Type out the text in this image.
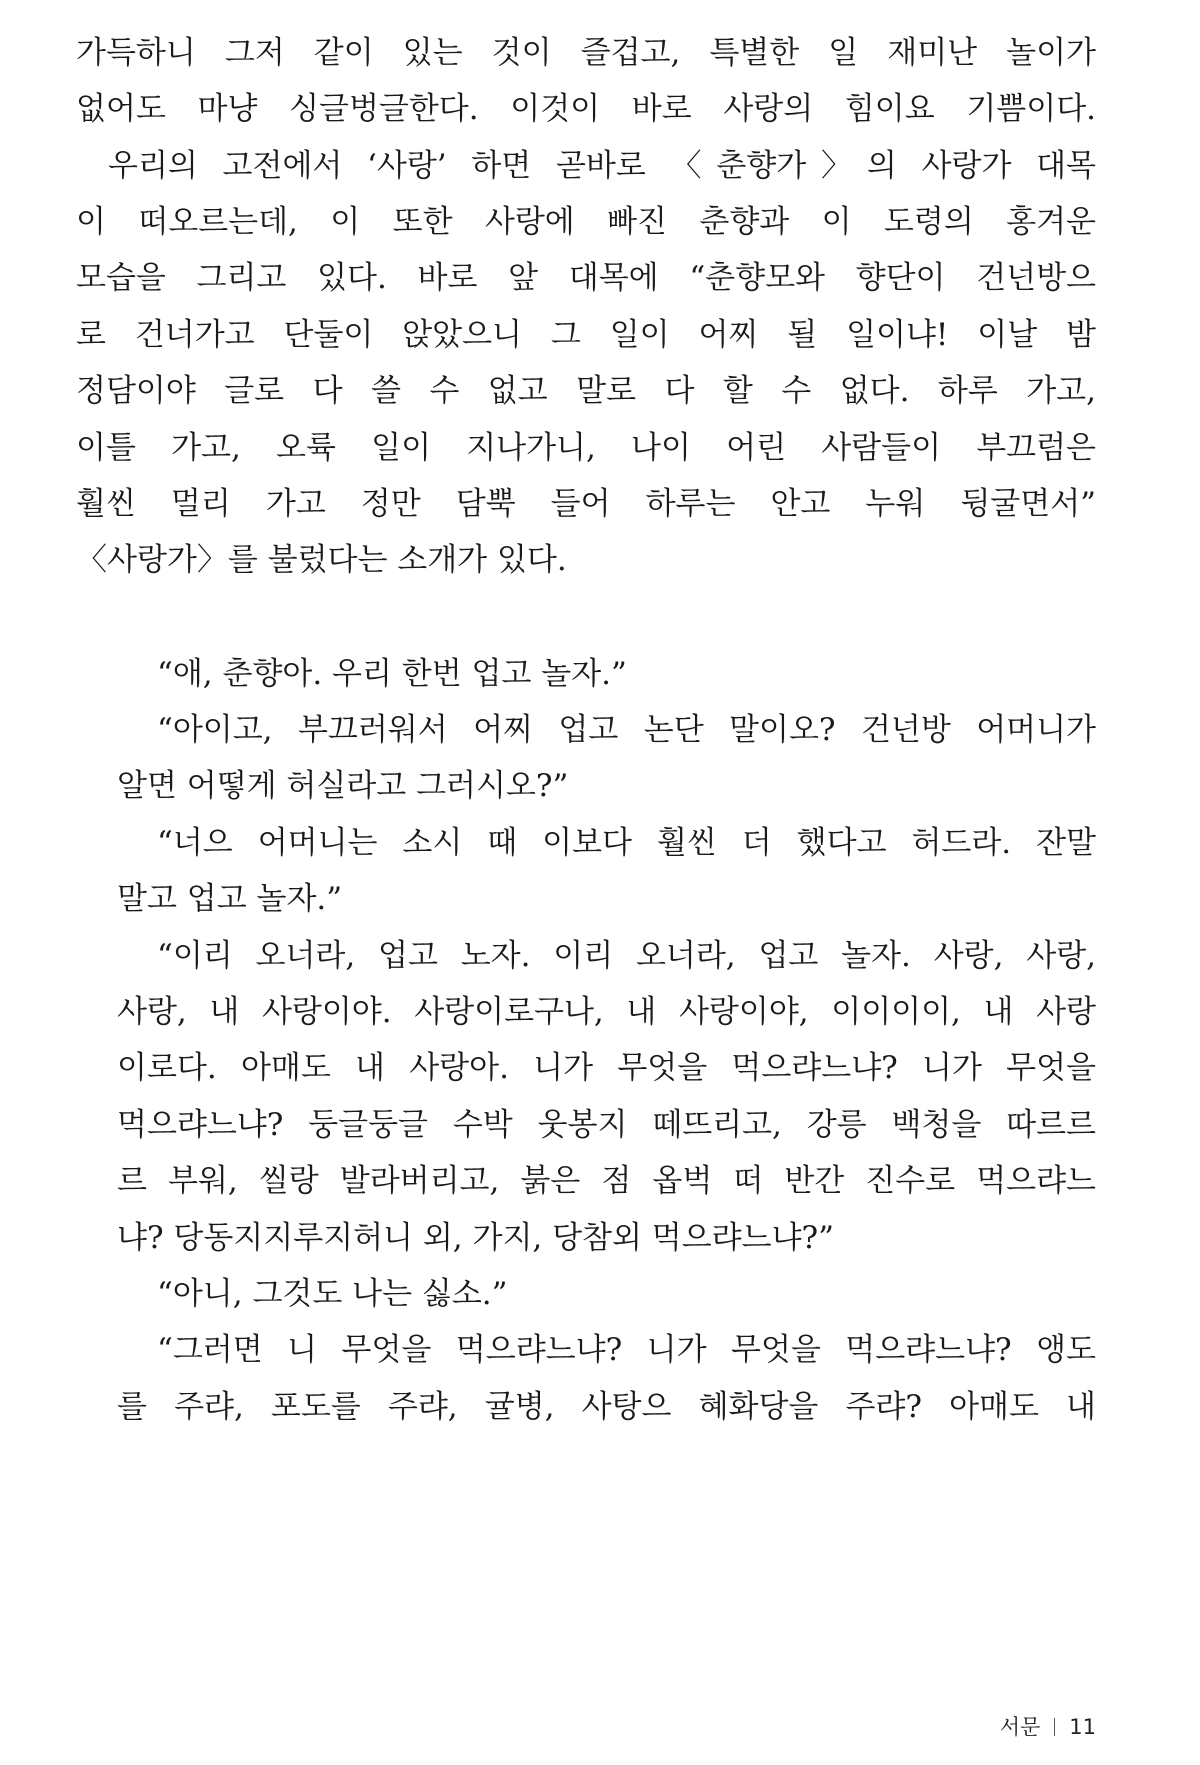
가득하니 그저 같이 있는 것이 즐겁고, 특별한 일 재미난 놀이가
없어도 마냥 싱글벙글한다. 이것이 바로 사랑의 힘이요 기쁨이다.
우리의 고전에서 ‘사랑’ 하면 곧바로 〈춘향가〉의 사랑가 대목
이 떠오르는데, 이 또한 사랑에 빠진 춘향과 이 도령의 홍겨운
모습을 그리고 있다. 바로 앞 대목에 “춘향모와 향단이 건넌방으
로 건너가고 단둘이 앉았으니 그 일이 어찌 될 일이냐! 이날 밤
정담이야 글로 다 쓸 수 없고 말로 다 할 수 없다. 하루 가고,
이틀 가고, 오륙 일이 지나가니, 나이 어린 사람들이 부끄럼은
훨씬 멀리 가고 정만 담뿍 들어 하루는 안고 누워 뒹굴면서”
〈사랑가〉를 불렀다는 소개가 있다.
“애, 춘향아. 우리 한번 업고 놀자.”
“아이고, 부끄러워서 어찌 업고 논단 말이오? 건넌방 어머니가
알면 어떻게 허실라고 그러시오?”
“너으 어머니는 소시 때 이보다 훨씬 더 했다고 허드라. 잔말
말고 업고 놀자.”
“이리 오너라, 업고 노자. 이리 오너라, 업고 놀자. 사랑, 사랑,
사랑, 내 사랑이야. 사랑이로구나, 내 사랑이야, 이이이이, 내 사랑
이로다. 아매도 내 사랑아. 니가 무엇을 먹으랴느냐? 니가 무엇을
먹으랴느냐? 둥글둥글 수박 웃봉지 떼뜨리고, 강릉 백청을 따르르
르 부워, 씰랑 발라버리고, 붉은 점 옵벅 떠 반간 진수로 먹으랴느
냐? 당동지지루지허니 외, 가지, 당참외 먹으랴느냐?”
“아니, 그것도 나는 싫소.”
“그러면 니 무엇을 먹으랴느냐? 니가 무엇을 먹으랴느냐? 앵도
를 주랴, 포도를 주랴, 귤병, 사탕으 혜화당을 주랴? 아매도 내
서문 11
